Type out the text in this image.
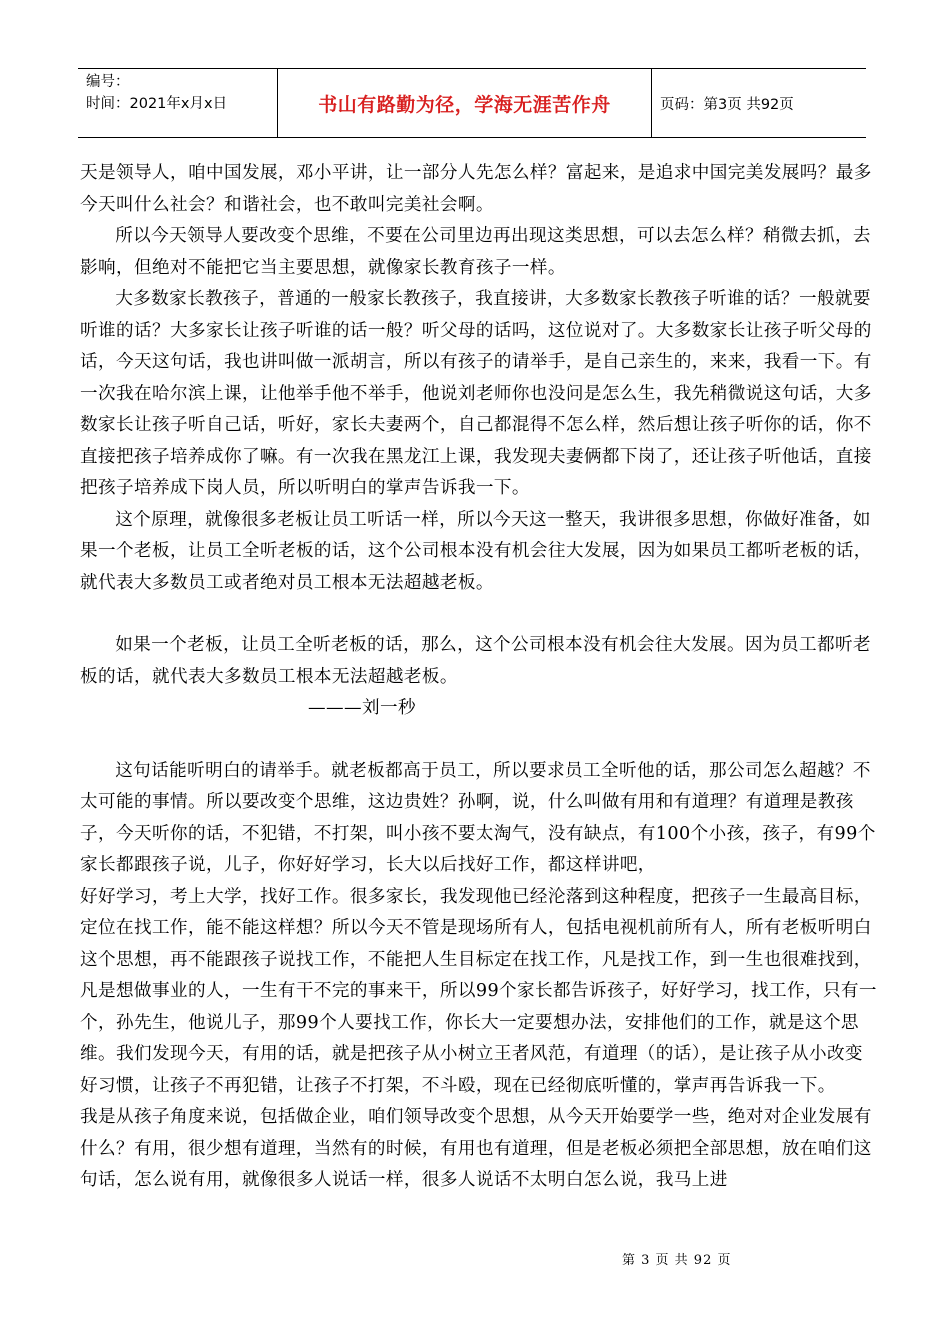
编号：
时间：2021年x月x日	书山有路勤为径，学海无涯苦作舟	页码：第3页 共92页

天是领导人，咱中国发展，邓小平讲，让一部分人先怎么样？富起来，是追求中国完美发展吗？最多今天叫什么社会？和谐社会，也不敢叫完美社会啊。

所以今天领导人要改变个思维，不要在公司里边再出现这类思想，可以去怎么样？稍微去抓，去影响，但绝对不能把它当主要思想，就像家长教育孩子一样。

大多数家长教孩子，普通的一般家长教孩子，我直接讲，大多数家长教孩子听谁的话？一般就要听谁的话？大多家长让孩子听谁的话一般？听父母的话吗，这位说对了。大多数家长让孩子听父母的话，今天这句话，我也讲叫做一派胡言，所以有孩子的请举手，是自己亲生的，来来，我看一下。有一次我在哈尔滨上课，让他举手他不举手，他说刘老师你也没问是怎么生，我先稍微说这句话，大多数家长让孩子听自己话，听好，家长夫妻两个，自己都混得不怎么样，然后想让孩子听你的话，你不直接把孩子培养成你了嘛。有一次我在黑龙江上课，我发现夫妻俩都下岗了，还让孩子听他话，直接把孩子培养成下岗人员，所以听明白的掌声告诉我一下。

这个原理，就像很多老板让员工听话一样，所以今天这一整天，我讲很多思想，你做好准备，如果一个老板，让员工全听老板的话，这个公司根本没有机会往大发展，因为如果员工都听老板的话，就代表大多数员工或者绝对员工根本无法超越老板。

如果一个老板，让员工全听老板的话，那么，这个公司根本没有机会往大发展。因为员工都听老板的话，就代表大多数员工根本无法超越老板。

———刘一秒

这句话能听明白的请举手。就老板都高于员工，所以要求员工全听他的话，那公司怎么超越？不太可能的事情。所以要改变个思维，这边贵姓？孙啊，说，什么叫做有用和有道理？有道理是教孩子，今天听你的话，不犯错，不打架，叫小孩不要太淘气，没有缺点，有100个小孩，孩子，有99个家长都跟孩子说，儿子，你好好学习，长大以后找好工作，都这样讲吧，

好好学习，考上大学，找好工作。很多家长，我发现他已经沦落到这种程度，把孩子一生最高目标，定位在找工作，能不能这样想？所以今天不管是现场所有人，包括电视机前所有人，所有老板听明白这个思想，再不能跟孩子说找工作，不能把人生目标定在找工作，凡是找工作，到一生也很难找到，凡是想做事业的人，一生有干不完的事来干，所以99个家长都告诉孩子，好好学习，找工作，只有一个，孙先生，他说儿子，那99个人要找工作，你长大一定要想办法，安排他们的工作，就是这个思维。我们发现今天，有用的话，就是把孩子从小树立王者风范，有道理（的话），是让孩子从小改变好习惯，让孩子不再犯错，让孩子不打架，不斗殴，现在已经彻底听懂的，掌声再告诉我一下。

我是从孩子角度来说，包括做企业，咱们领导改变个思想，从今天开始要学一些，绝对对企业发展有什么？有用，很少想有道理，当然有的时候，有用也有道理，但是老板必须把全部思想，放在咱们这句话，怎么说有用，就像很多人说话一样，很多人说话不太明白怎么说，我马上进

第 3 页 共 92 页
